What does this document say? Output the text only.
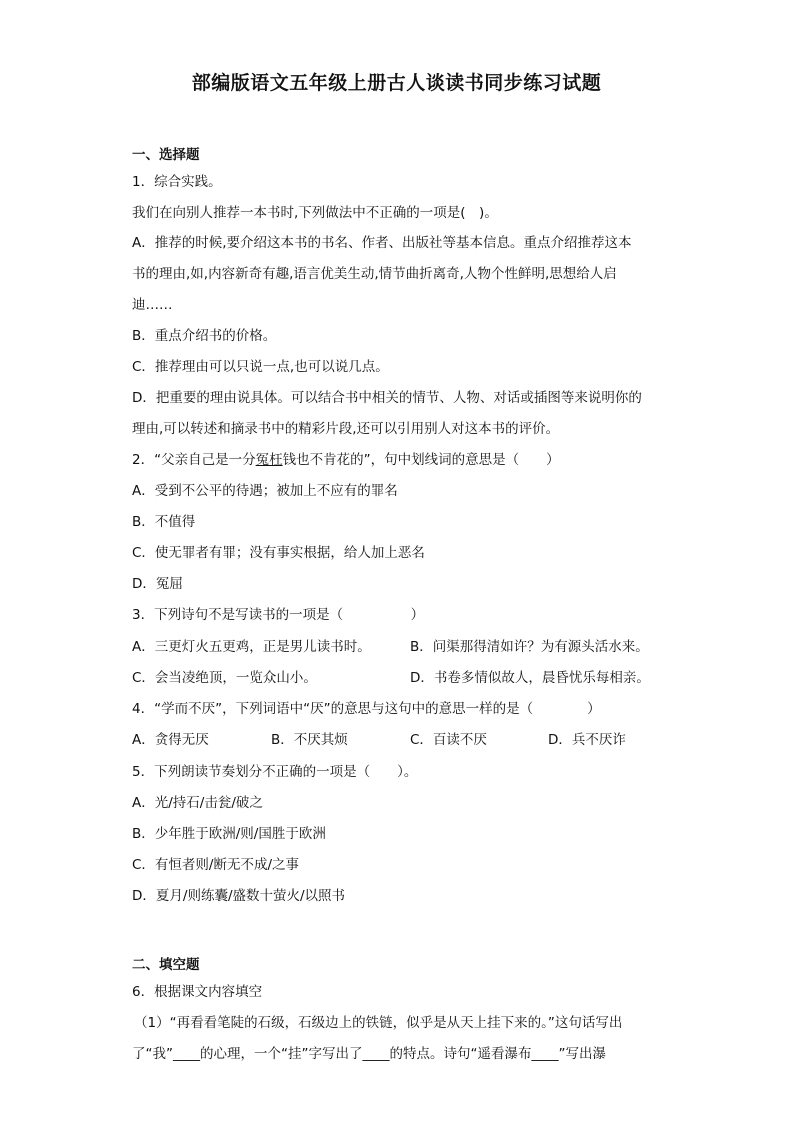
部编版语文五年级上册古人谈读书同步练习试题
一、选择题
1．综合实践。
我们在向别人推荐一本书时,下列做法中不正确的一项是(　)。
A．推荐的时候,要介绍这本书的书名、作者、出版社等基本信息。重点介绍推荐这本
书的理由,如,内容新奇有趣,语言优美生动,情节曲折离奇,人物个性鲜明,思想给人启
迪……
B．重点介绍书的价格。
C．推荐理由可以只说一点,也可以说几点。
D．把重要的理由说具体。可以结合书中相关的情节、人物、对话或插图等来说明你的
理由,可以转述和摘录书中的精彩片段,还可以引用别人对这本书的评价。
2．“父亲自己是一分冤枉钱也不肯花的”，句中划线词的意思是（　　）
A．受到不公平的待遇；被加上不应有的罪名
B．不值得
C．使无罪者有罪；没有事实根据，给人加上恶名
D．冤屈
3．下列诗句不是写读书的一项是（　　　　　）
A．三更灯火五更鸡，正是男儿读书时。	B．问渠那得清如许？为有源头活水来。
C．会当凌绝顶，一览众山小。	D．书卷多情似故人，晨昏忧乐每相亲。
4．“学而不厌”，下列词语中“厌”的意思与这句中的意思一样的是（　　　　）
A．贪得无厌	B．不厌其烦	C．百读不厌	D．兵不厌诈
5．下列朗读节奏划分不正确的一项是（　　）。
A．光/持石/击瓮/破之
B．少年胜于欧洲/则/国胜于欧洲
C．有恒者则/断无不成/之事
D．夏月/则练囊/盛数十萤火/以照书
二、填空题
6．根据课文内容填空
（1）“再看看笔陡的石级，石级边上的铁链，似乎是从天上挂下来的。”这句话写出
了“我”____的心理，一个“挂”字写出了____的特点。诗句“遥看瀑布____”写出瀑
